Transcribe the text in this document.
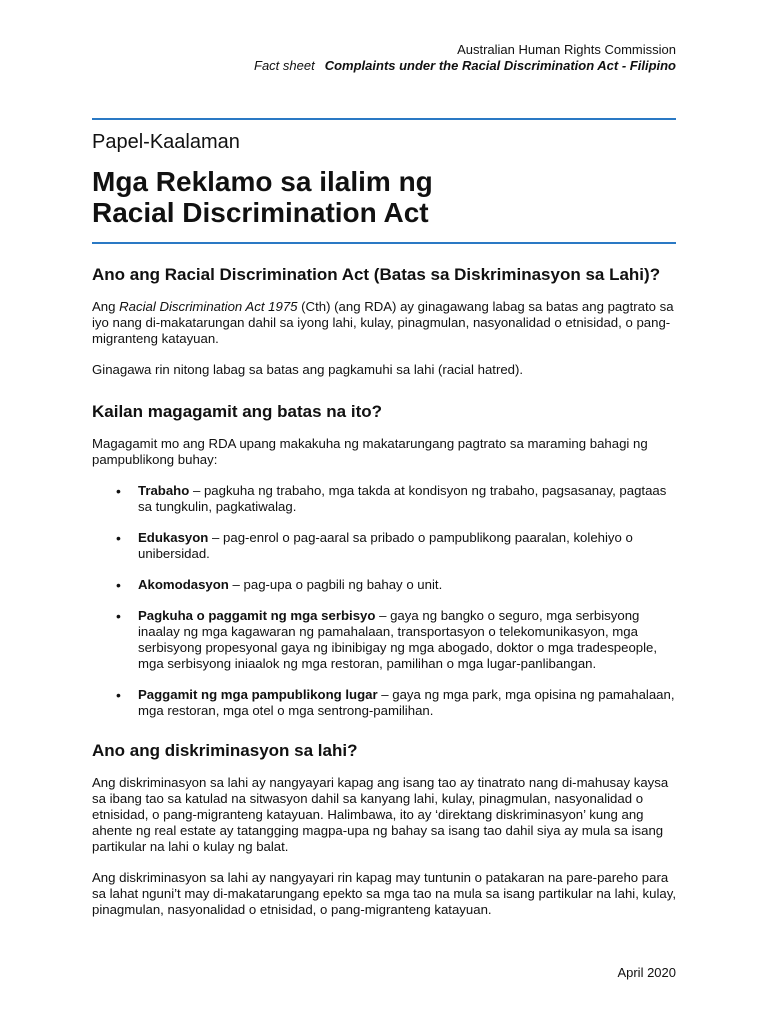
Australian Human Rights Commission
Fact sheet Complaints under the Racial Discrimination Act - Filipino
Papel-Kaalaman
Mga Reklamo sa ilalim ng
Racial Discrimination Act
Ano ang Racial Discrimination Act (Batas sa Diskriminasyon sa Lahi)?

Ang Racial Discrimination Act 1975 (Cth) (ang RDA) ay ginagawang labag sa batas ang pagtrato sa iyo nang di-makatarungan dahil sa iyong lahi, kulay, pinagmulan, nasyonalidad o etnisidad, o pang-migranteng katayuan.

Ginagawa rin nitong labag sa batas ang pagkamuhi sa lahi (racial hatred).

Kailan magagamit ang batas na ito?

Magagamit mo ang RDA upang makakuha ng makatarungang pagtrato sa maraming bahagi ng pampublikong buhay:

• Trabaho – pagkuha ng trabaho, mga takda at kondisyon ng trabaho, pagsasanay, pagtaas sa tungkulin, pagkatiwalag.
• Edukasyon – pag-enrol o pag-aaral sa pribado o pampublikong paaralan, kolehiyo o unibersidad.
• Akomodasyon – pag-upa o pagbili ng bahay o unit.
• Pagkuha o paggamit ng mga serbisyo – gaya ng bangko o seguro, mga serbisyong inaalay ng mga kagawaran ng pamahalaan, transportasyon o telekomunikasyon, mga serbisyong propesyonal gaya ng ibinibigay ng mga abogado, doktor o mga tradespeople, mga serbisyong iniaalok ng mga restoran, pamilihan o mga lugar-panlibangan.
• Paggamit ng mga pampublikong lugar – gaya ng mga park, mga opisina ng pamahalaan, mga restoran, mga otel o mga sentrong-pamilihan.
Ano ang diskriminasyon sa lahi?

Ang diskriminasyon sa lahi ay nangyayari kapag ang isang tao ay tinatrato nang di-mahusay kaysa sa ibang tao sa katulad na sitwasyon dahil sa kanyang lahi, kulay, pinagmulan, nasyonalidad o etnisidad, o pang-migranteng katayuan. Halimbawa, ito ay ‘direktang diskriminasyon’ kung ang ahente ng real estate ay tatangging magpa-upa ng bahay sa isang tao dahil siya ay mula sa isang partikular na lahi o kulay ng balat.

Ang diskriminasyon sa lahi ay nangyayari rin kapag may tuntunin o patakaran na pare-pareho para sa lahat nguni’t may di-makatarungang epekto sa mga tao na mula sa isang partikular na lahi, kulay, pinagmulan, nasyonalidad o etnisidad, o pang-migranteng katayuan.

April 2020
